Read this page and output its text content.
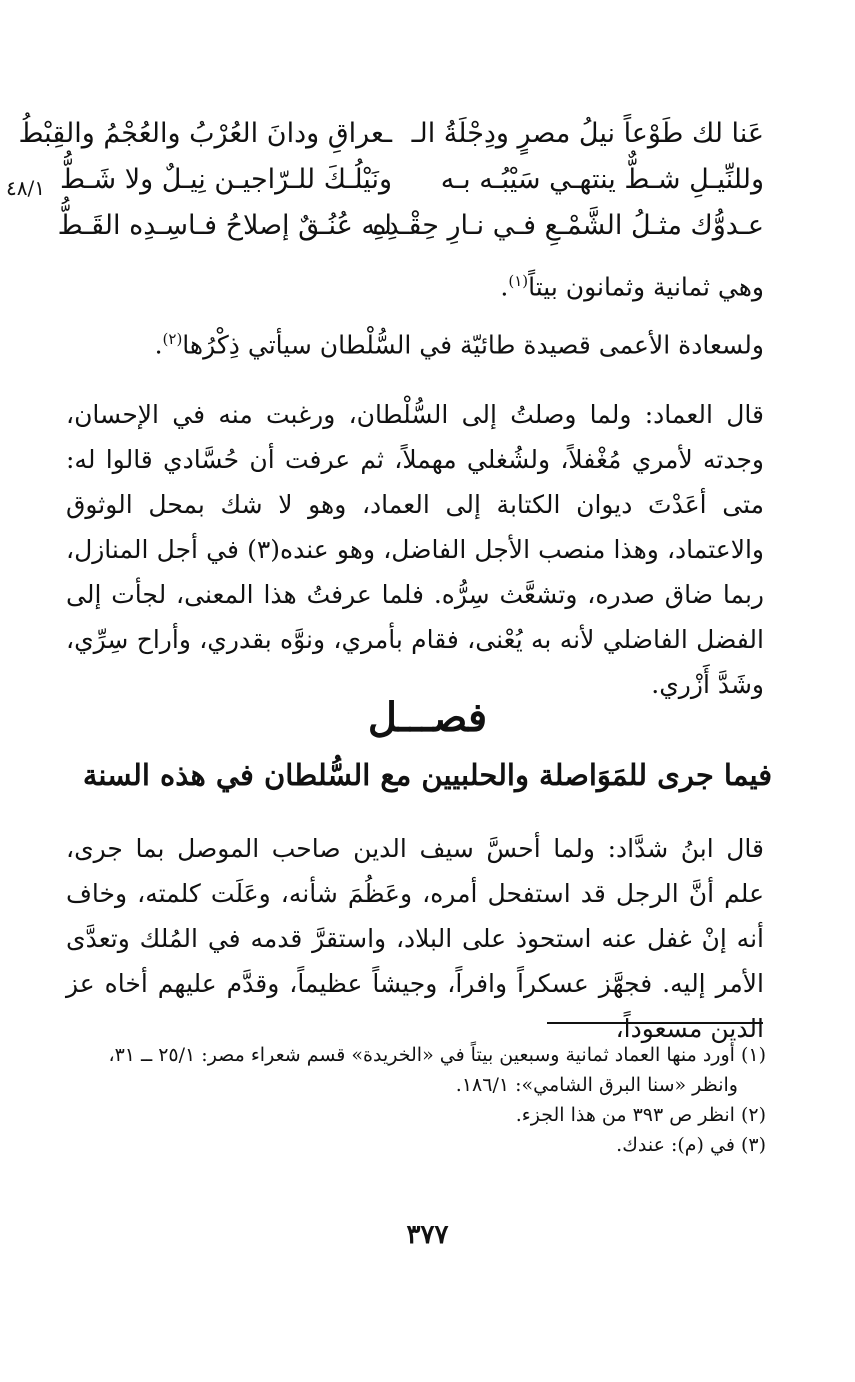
عَنا لك طَوْعاً نيلُ مصرٍ ودِجْلَةُ الـ
ـعراقِ ودانَ العُرْبُ والعُجْمُ والقِبْطُ
وللنِّيـلِ شـطٌّ ينتهـي سَيْبُـه بـه
ونَيْلُـكَ للـرّاجيـن نِيـلٌ ولا شَـطُّ
عـدوُّك مثـلُ الشَّمْـعِ فـي نـارِ حِقْـدِهِ
لـه عُنُـقٌ إصلاحُ فـاسِـدِه القَـطُّ
٤٨/١
وهي ثمانية وثمانون بيتاً$^{(١)}$.
ولسعادة الأعمى قصيدة طائيّة في السُّلْطان سيأتي ذِكْرُها$^{(٢)}$.
قال العماد: ولما وصلتُ إلى السُّلْطان، ورغبت منه في الإحسان، وجدته لأمري مُغْفلاً، ولشُغلي مهملاً، ثم عرفت أن حُسَّادي قالوا له: متى أعَدْتَ ديوان الكتابة إلى العماد، وهو لا شك بمحل الوثوق والاعتماد، وهذا منصب الأجل الفاضل، وهو عنده(٣) في أجل المنازل، ربما ضاق صدره، وتشعَّث سِرُّه. فلما عرفتُ هذا المعنى، لجأت إلى الفضل الفاضلي لأنه به يُعْنى، فقام بأمري، ونوَّه بقدري، وأراح سِرِّي، وشَدَّ أَزْري.
فصـــل
فيما جرى للمَوَاصلة والحلبيين مع السُّلطان في هذه السنة
قال ابنُ شدَّاد: ولما أحسَّ سيف الدين صاحب الموصل بما جرى، علم أنَّ الرجل قد استفحل أمره، وعَظُمَ شأنه، وعَلَت كلمته، وخاف أنه إنْ غفل عنه استحوذ على البلاد، واستقرَّ قدمه في المُلك وتعدَّى الأمر إليه. فجهَّز عسكراً وافراً، وجيشاً عظيماً، وقدَّم عليهم أخاه عز الدين مسعوداً،
(١) أورد منها العماد ثمانية وسبعين بيتاً في «الخريدة» قسم شعراء مصر: ٢٥/١ ــ ٣١،
وانظر «سنا البرق الشامي»: ١٨٦/١.
(٢) انظر ص ٣٩٣ من هذا الجزء.
(٣) في (م): عندك.
٣٧٧
